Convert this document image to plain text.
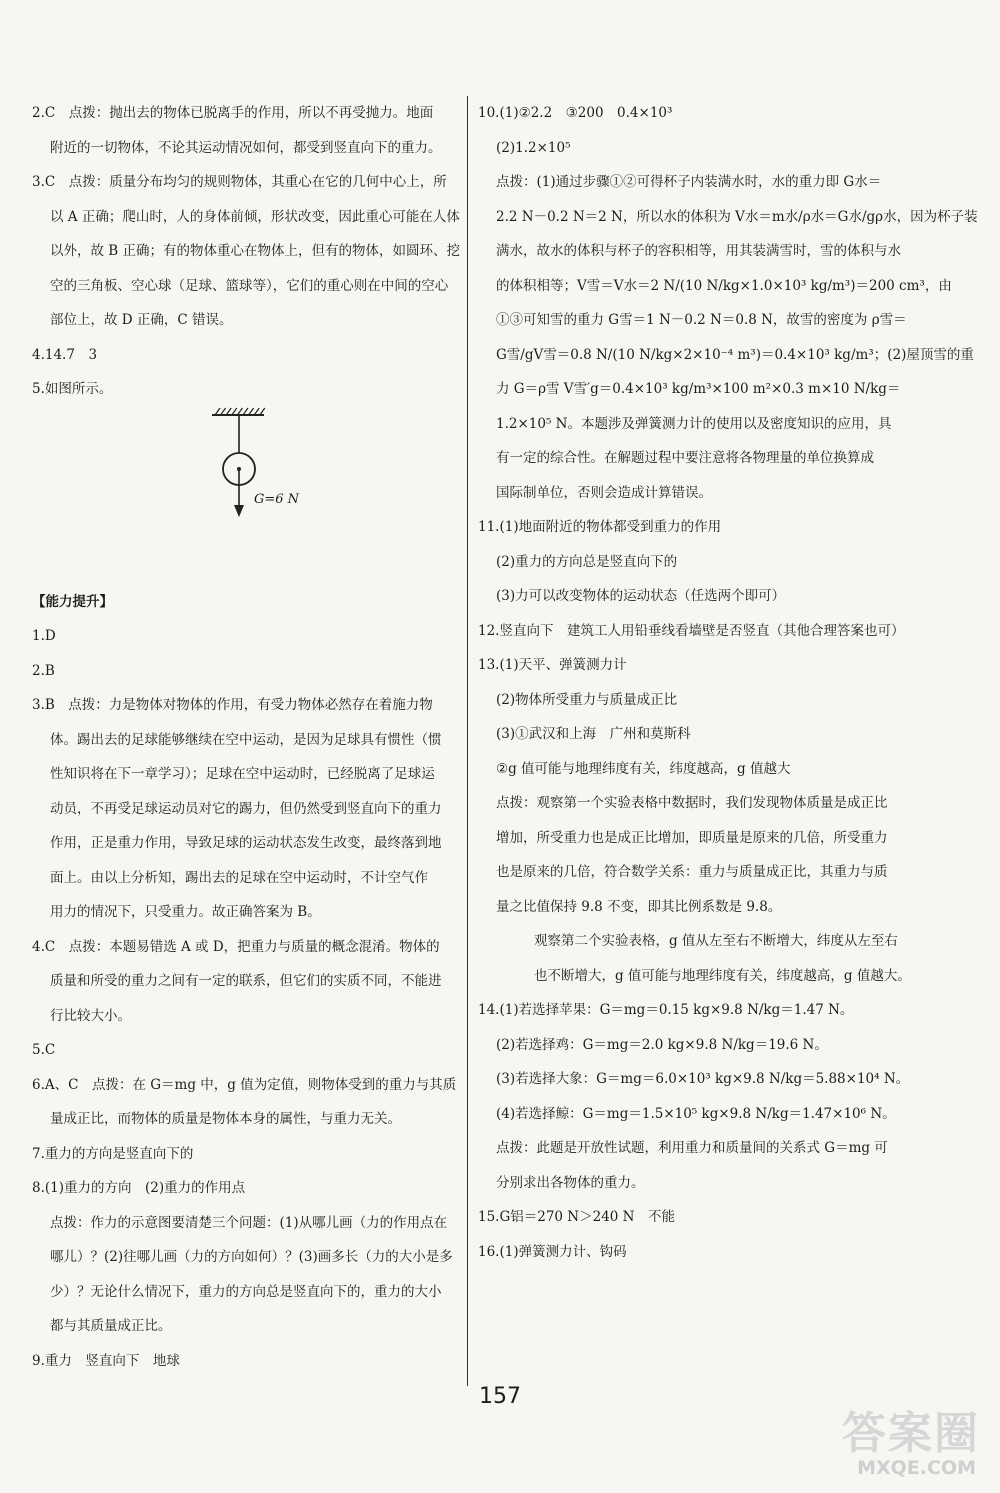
2.C　点拨：抛出去的物体已脱离手的作用，所以不再受抛力。地面
附近的一切物体，不论其运动情况如何，都受到竖直向下的重力。
3.C　点拨：质量分布均匀的规则物体，其重心在它的几何中心上，所
以 A 正确；爬山时，人的身体前倾，形状改变，因此重心可能在人体
以外，故 B 正确；有的物体重心在物体上，但有的物体，如圆环、挖
空的三角板、空心球（足球、篮球等），它们的重心则在中间的空心
部位上，故 D 正确，C 错误。
4.14.7　3
5.如图所示。
G=6 N
【能力提升】
1.D
2.B
3.B　点拨：力是物体对物体的作用，有受力物体必然存在着施力物
体。踢出去的足球能够继续在空中运动，是因为足球具有惯性（惯
性知识将在下一章学习）；足球在空中运动时，已经脱离了足球运
动员，不再受足球运动员对它的踢力，但仍然受到竖直向下的重力
作用，正是重力作用，导致足球的运动状态发生改变，最终落到地
面上。由以上分析知，踢出去的足球在空中运动时，不计空气作
用力的情况下，只受重力。故正确答案为 B。
4.C　点拨：本题易错选 A 或 D，把重力与质量的概念混淆。物体的
质量和所受的重力之间有一定的联系，但它们的实质不同，不能进
行比较大小。
5.C
6.A、C　点拨：在 G＝mg 中，g 值为定值，则物体受到的重力与其质
量成正比，而物体的质量是物体本身的属性，与重力无关。
7.重力的方向是竖直向下的
8.(1)重力的方向　(2)重力的作用点
点拨：作力的示意图要清楚三个问题：(1)从哪儿画（力的作用点在
哪儿）？(2)往哪儿画（力的方向如何）？(3)画多长（力的大小是多
少）？无论什么情况下，重力的方向总是竖直向下的，重力的大小
都与其质量成正比。
9.重力　竖直向下　地球
10.(1)②2.2　③200　0.4×10³
(2)1.2×10⁵
点拨：(1)通过步骤①②可得杯子内装满水时，水的重力即 G水＝
2.2 N－0.2 N＝2 N，所以水的体积为 V水＝m水/ρ水＝G水/gρ水，因为杯子装
满水，故水的体积与杯子的容积相等，用其装满雪时，雪的体积与水
的体积相等；V雪＝V水＝2 N/(10 N/kg×1.0×10³ kg/m³)＝200 cm³，由
①③可知雪的重力 G雪＝1 N－0.2 N＝0.8 N，故雪的密度为 ρ雪＝
G雪/gV雪＝0.8 N/(10 N/kg×2×10⁻⁴ m³)＝0.4×10³ kg/m³；(2)屋顶雪的重
力 G＝ρ雪 V雪′g＝0.4×10³ kg/m³×100 m²×0.3 m×10 N/kg＝
1.2×10⁵ N。本题涉及弹簧测力计的使用以及密度知识的应用，具
有一定的综合性。在解题过程中要注意将各物理量的单位换算成
国际制单位，否则会造成计算错误。
11.(1)地面附近的物体都受到重力的作用
(2)重力的方向总是竖直向下的
(3)力可以改变物体的运动状态（任选两个即可）
12.竖直向下　建筑工人用铅垂线看墙壁是否竖直（其他合理答案也可）
13.(1)天平、弹簧测力计
(2)物体所受重力与质量成正比
(3)①武汉和上海　广州和莫斯科
②g 值可能与地理纬度有关，纬度越高，g 值越大
点拨：观察第一个实验表格中数据时，我们发现物体质量是成正比
增加，所受重力也是成正比增加，即质量是原来的几倍，所受重力
也是原来的几倍，符合数学关系：重力与质量成正比，其重力与质
量之比值保持 9.8 不变，即其比例系数是 9.8。
观察第二个实验表格，g 值从左至右不断增大，纬度从左至右
也不断增大，g 值可能与地理纬度有关，纬度越高，g 值越大。
14.(1)若选择苹果：G＝mg＝0.15 kg×9.8 N/kg＝1.47 N。
(2)若选择鸡：G＝mg＝2.0 kg×9.8 N/kg＝19.6 N。
(3)若选择大象：G＝mg＝6.0×10³ kg×9.8 N/kg＝5.88×10⁴ N。
(4)若选择鲸：G＝mg＝1.5×10⁵ kg×9.8 N/kg＝1.47×10⁶ N。
点拨：此题是开放性试题，利用重力和质量间的关系式 G＝mg 可
分别求出各物体的重力。
15.G铝＝270 N＞240 N　不能
16.(1)弹簧测力计、钩码
157
答案圈
MXQE.COM
